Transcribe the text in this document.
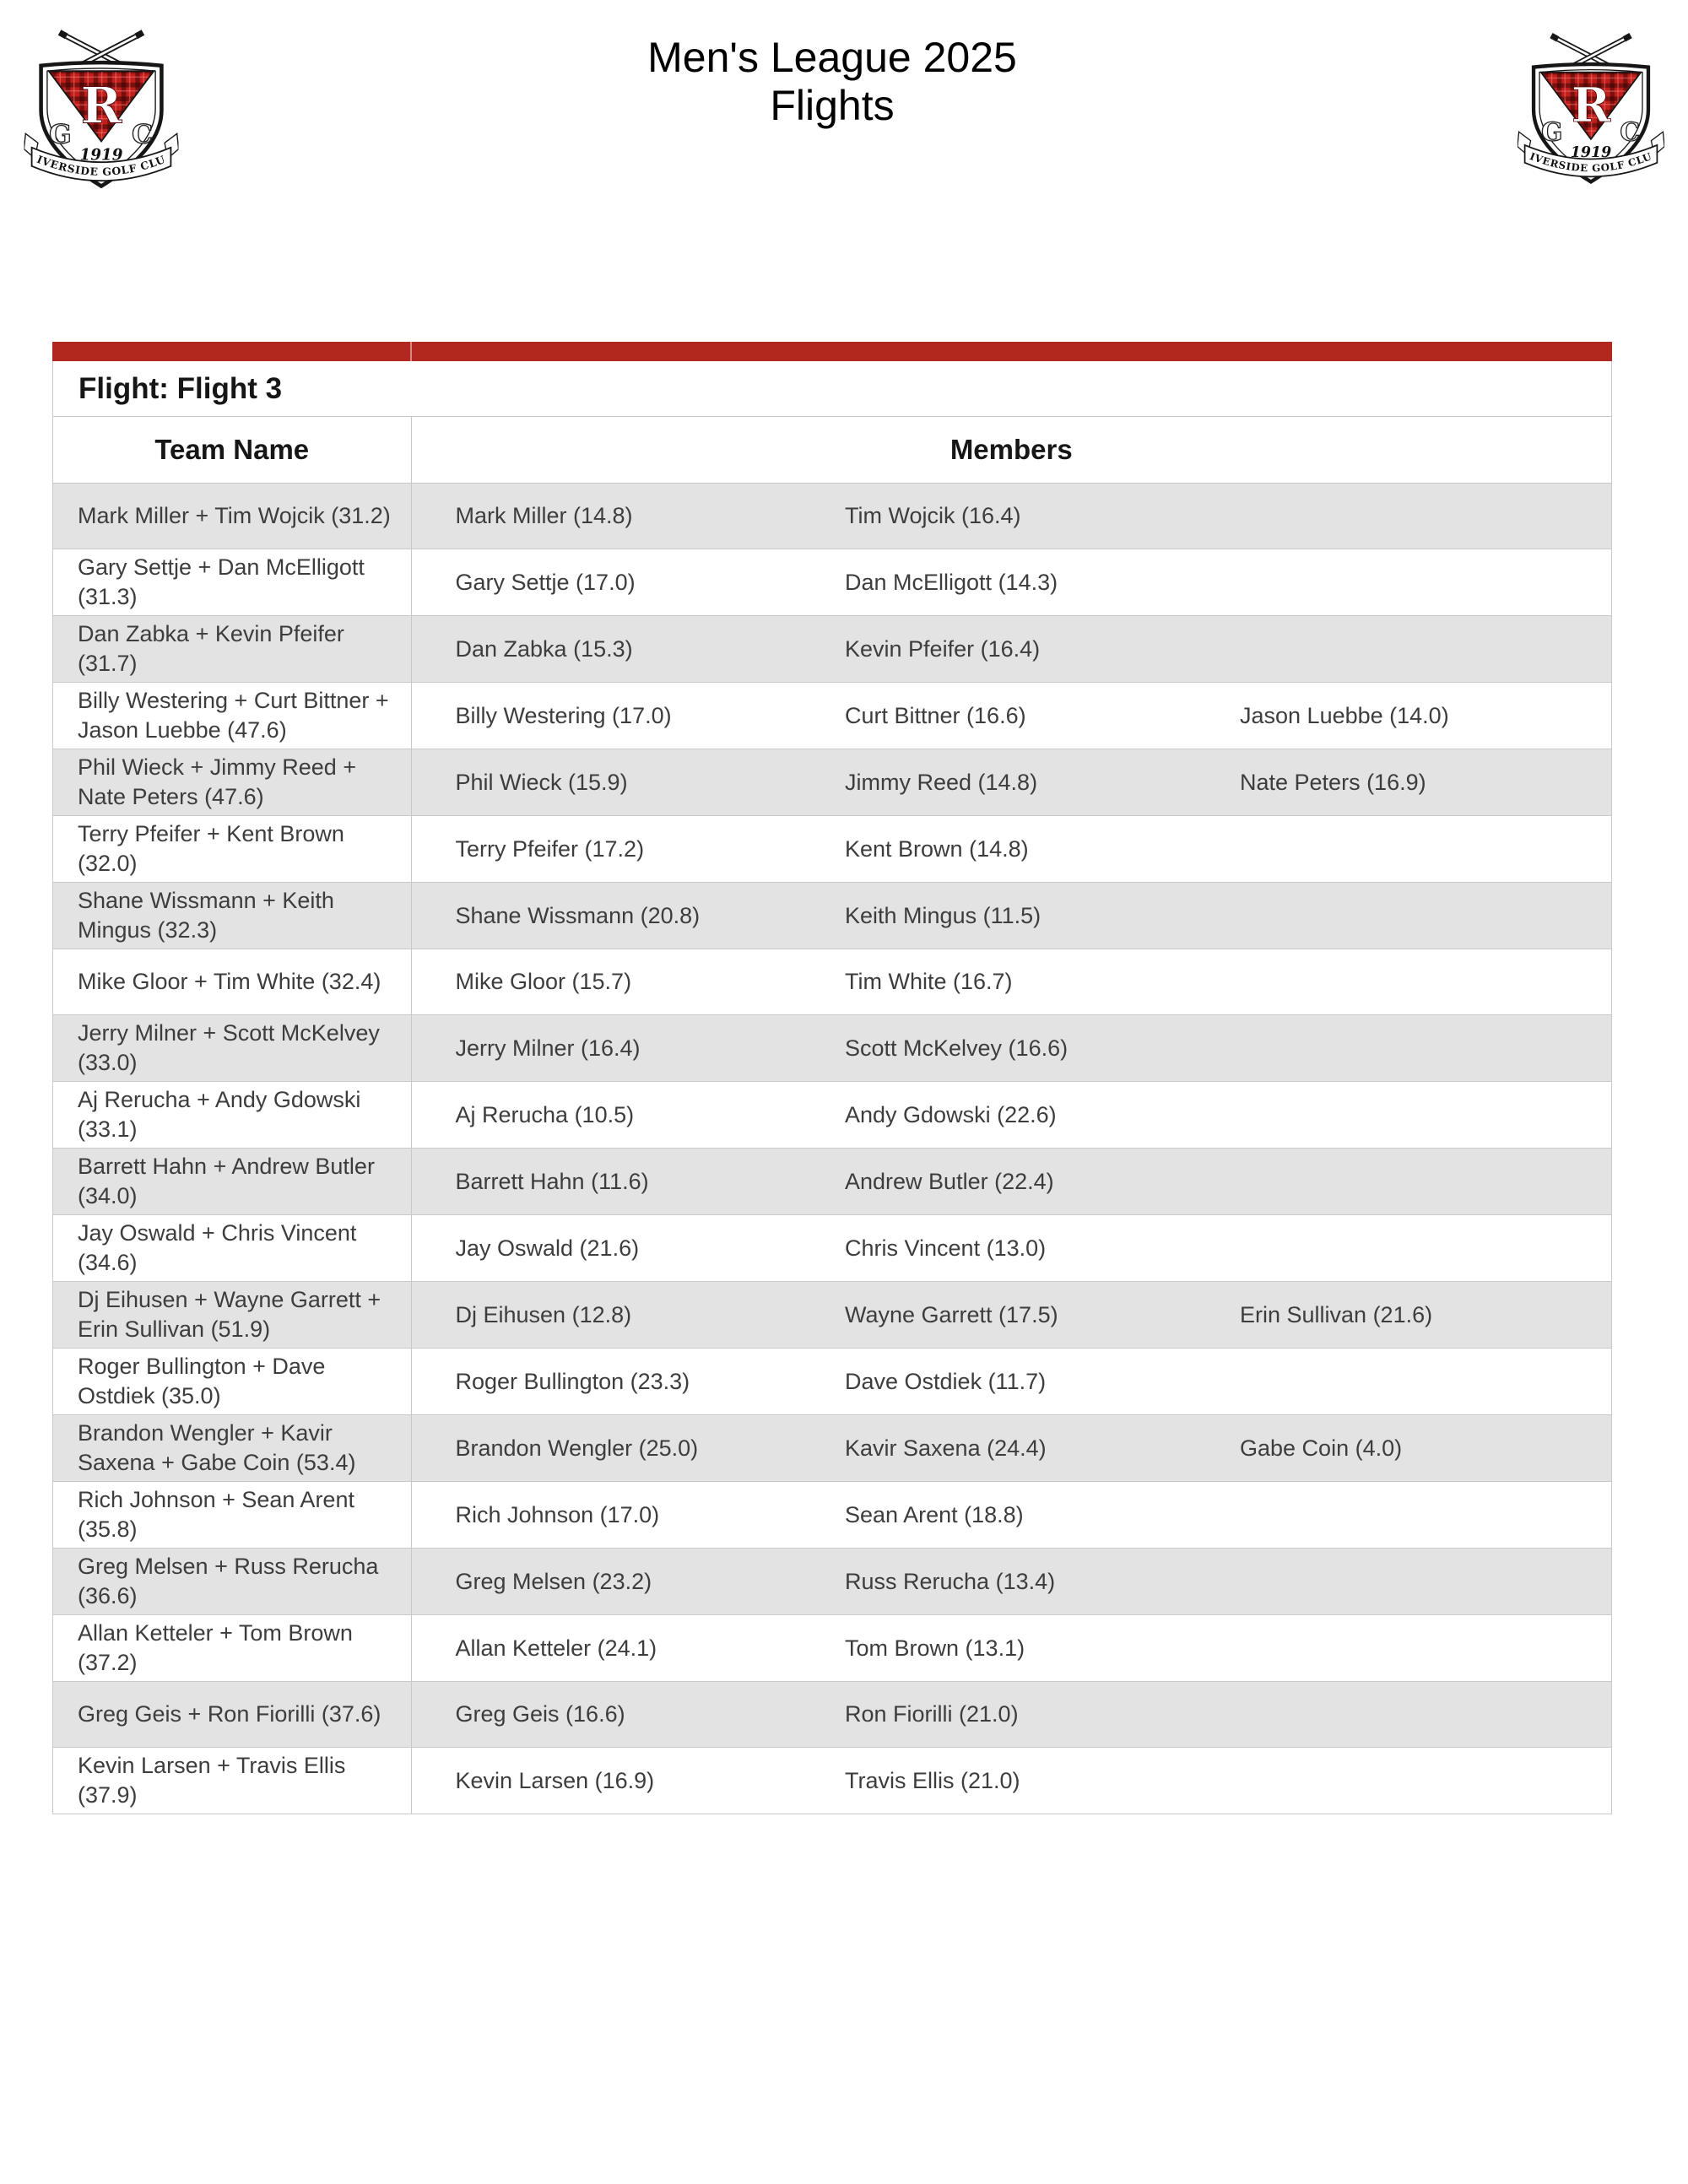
Men's League 2025
Flights
Flight: Flight 3
Team Name	Members		
Mark Miller + Tim Wojcik (31.2)	Mark Miller (14.8)	Tim Wojcik (16.4)	
Gary Settje + Dan McElligott (31.3)	Gary Settje (17.0)	Dan McElligott (14.3)	
Dan Zabka + Kevin Pfeifer (31.7)	Dan Zabka (15.3)	Kevin Pfeifer (16.4)	
Billy Westering + Curt Bittner + Jason Luebbe (47.6)	Billy Westering (17.0)	Curt Bittner (16.6)	Jason Luebbe (14.0)
Phil Wieck + Jimmy Reed + Nate Peters (47.6)	Phil Wieck (15.9)	Jimmy Reed (14.8)	Nate Peters (16.9)
Terry Pfeifer + Kent Brown (32.0)	Terry Pfeifer (17.2)	Kent Brown (14.8)	
Shane Wissmann + Keith Mingus (32.3)	Shane Wissmann (20.8)	Keith Mingus (11.5)	
Mike Gloor + Tim White (32.4)	Mike Gloor (15.7)	Tim White (16.7)	
Jerry Milner + Scott McKelvey (33.0)	Jerry Milner (16.4)	Scott McKelvey (16.6)	
Aj Rerucha + Andy Gdowski (33.1)	Aj Rerucha (10.5)	Andy Gdowski (22.6)	
Barrett Hahn + Andrew Butler (34.0)	Barrett Hahn (11.6)	Andrew Butler (22.4)	
Jay Oswald + Chris Vincent (34.6)	Jay Oswald (21.6)	Chris Vincent (13.0)	
Dj Eihusen + Wayne Garrett + Erin Sullivan (51.9)	Dj Eihusen (12.8)	Wayne Garrett (17.5)	Erin Sullivan (21.6)
Roger Bullington + Dave Ostdiek (35.0)	Roger Bullington (23.3)	Dave Ostdiek (11.7)	
Brandon Wengler + Kavir Saxena + Gabe Coin (53.4)	Brandon Wengler (25.0)	Kavir Saxena (24.4)	Gabe Coin (4.0)
Rich Johnson + Sean Arent (35.8)	Rich Johnson (17.0)	Sean Arent (18.8)	
Greg Melsen + Russ Rerucha (36.6)	Greg Melsen (23.2)	Russ Rerucha (13.4)	
Allan Ketteler + Tom Brown (37.2)	Allan Ketteler (24.1)	Tom Brown (13.1)	
Greg Geis + Ron Fiorilli (37.6)	Greg Geis (16.6)	Ron Fiorilli (21.0)	
Kevin Larsen + Travis Ellis (37.9)	Kevin Larsen (16.9)	Travis Ellis (21.0)	
